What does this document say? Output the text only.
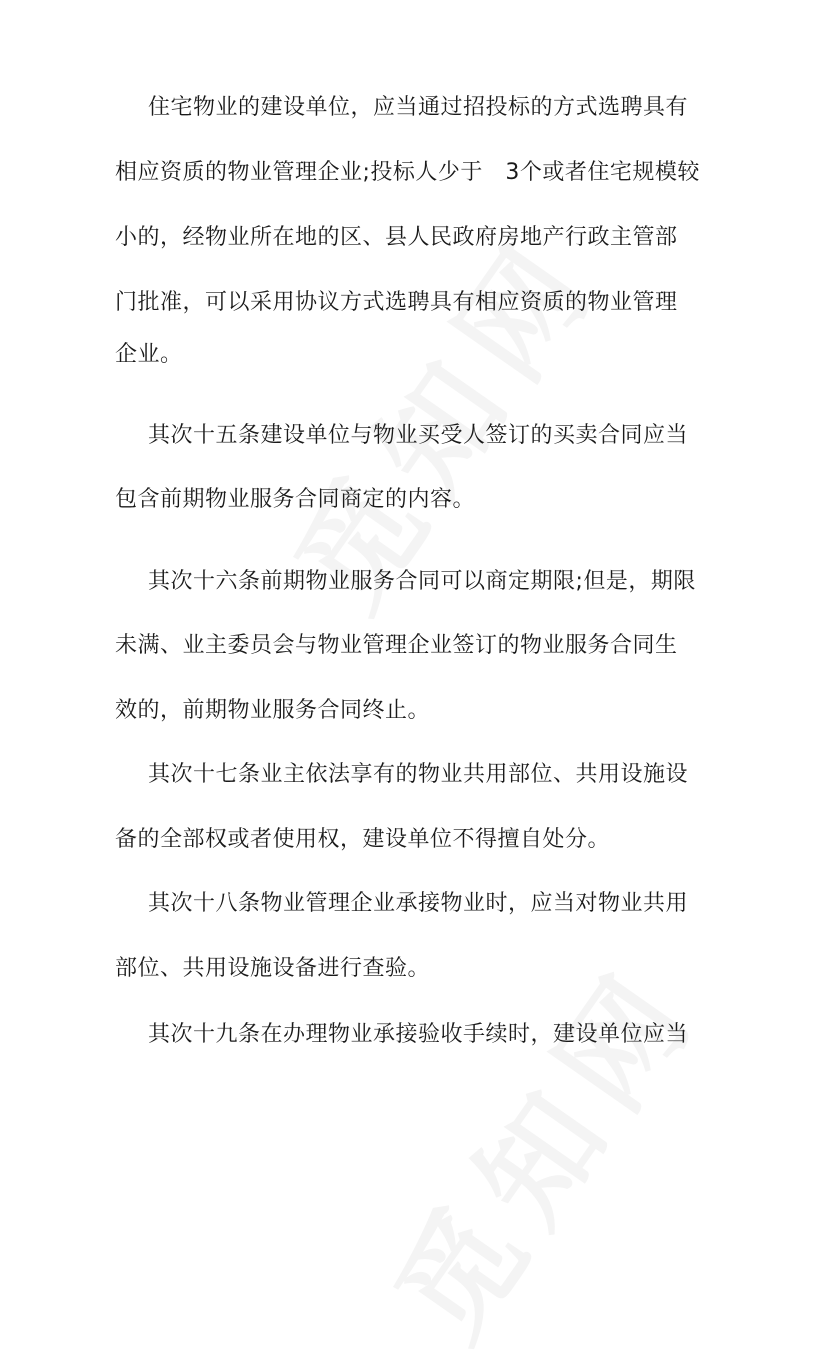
住宅物业的建设单位，应当通过招投标的方式选聘具有
相应资质的物业管理企业;投标人少于　3个或者住宅规模较
小的，经物业所在地的区、县人民政府房地产行政主管部
门批准，可以采用协议方式选聘具有相应资质的物业管理
企业。
其次十五条建设单位与物业买受人签订的买卖合同应当
包含前期物业服务合同商定的内容。
其次十六条前期物业服务合同可以商定期限;但是，期限
未满、业主委员会与物业管理企业签订的物业服务合同生
效的，前期物业服务合同终止。
其次十七条业主依法享有的物业共用部位、共用设施设
备的全部权或者使用权，建设单位不得擅自处分。
其次十八条物业管理企业承接物业时，应当对物业共用
部位、共用设施设备进行查验。
其次十九条在办理物业承接验收手续时，建设单位应当
